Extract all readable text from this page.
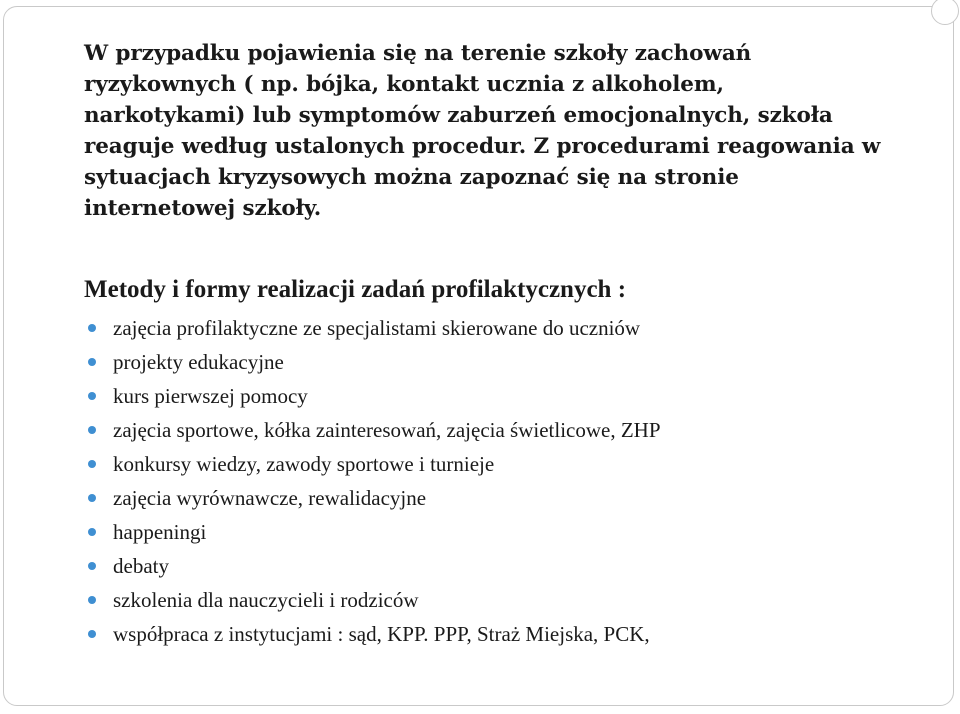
W przypadku pojawienia się na terenie szkoły zachowań ryzykownych ( np. bójka, kontakt ucznia z alkoholem, narkotykami) lub symptomów zaburzeń emocjonalnych, szkoła reaguje według ustalonych procedur. Z procedurami reagowania w sytuacjach kryzysowych można zapoznać się na stronie internetowej szkoły.

Metody i formy realizacji zadań profilaktycznych :
zajęcia profilaktyczne ze specjalistami skierowane do uczniów
projekty edukacyjne
kurs pierwszej pomocy
zajęcia sportowe, kółka zainteresowań, zajęcia świetlicowe, ZHP
konkursy wiedzy, zawody sportowe i turnieje
zajęcia wyrównawcze, rewalidacyjne
happeningi
debaty
szkolenia dla nauczycieli i rodziców
współpraca z instytucjami : sąd, KPP. PPP, Straż Miejska, PCK,
